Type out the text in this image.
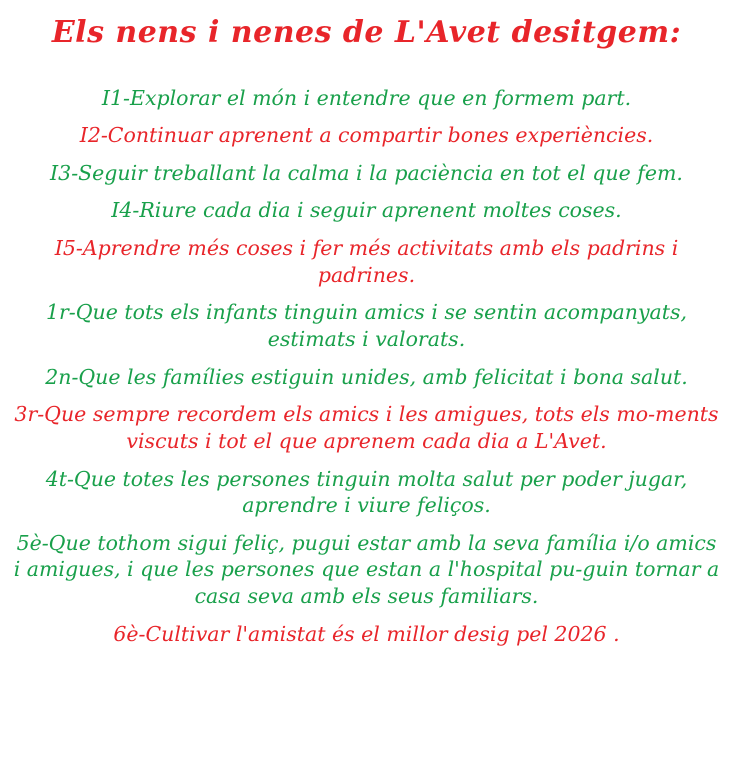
Els nens i nenes de L'Avet desitgem:

I1-Explorar el món i entendre que en formem part.

I2-Continuar aprenent a compartir bones experiències.

I3-Seguir treballant la calma i la paciència en tot el que fem.

I4-Riure cada dia i seguir aprenent moltes coses.

I5-Aprendre més coses i fer més activitats amb els padrins i padrines.

1r-Que tots els infants tinguin amics i se sentin acompanyats, estimats i valorats.

2n-Que les famílies estiguin unides, amb felicitat i bona salut.

3r-Que sempre recordem els amics i les amigues, tots els mo-ments viscuts i tot el que aprenem cada dia a L'Avet.

4t-Que totes les persones tinguin molta salut per poder jugar, aprendre i viure feliços.

5è-Que tothom sigui feliç, pugui estar amb la seva família i/o amics i amigues, i que les persones que estan a l'hospital pu-guin tornar a casa seva amb els seus familiars.

6è-Cultivar l'amistat és el millor desig pel 2026 .
